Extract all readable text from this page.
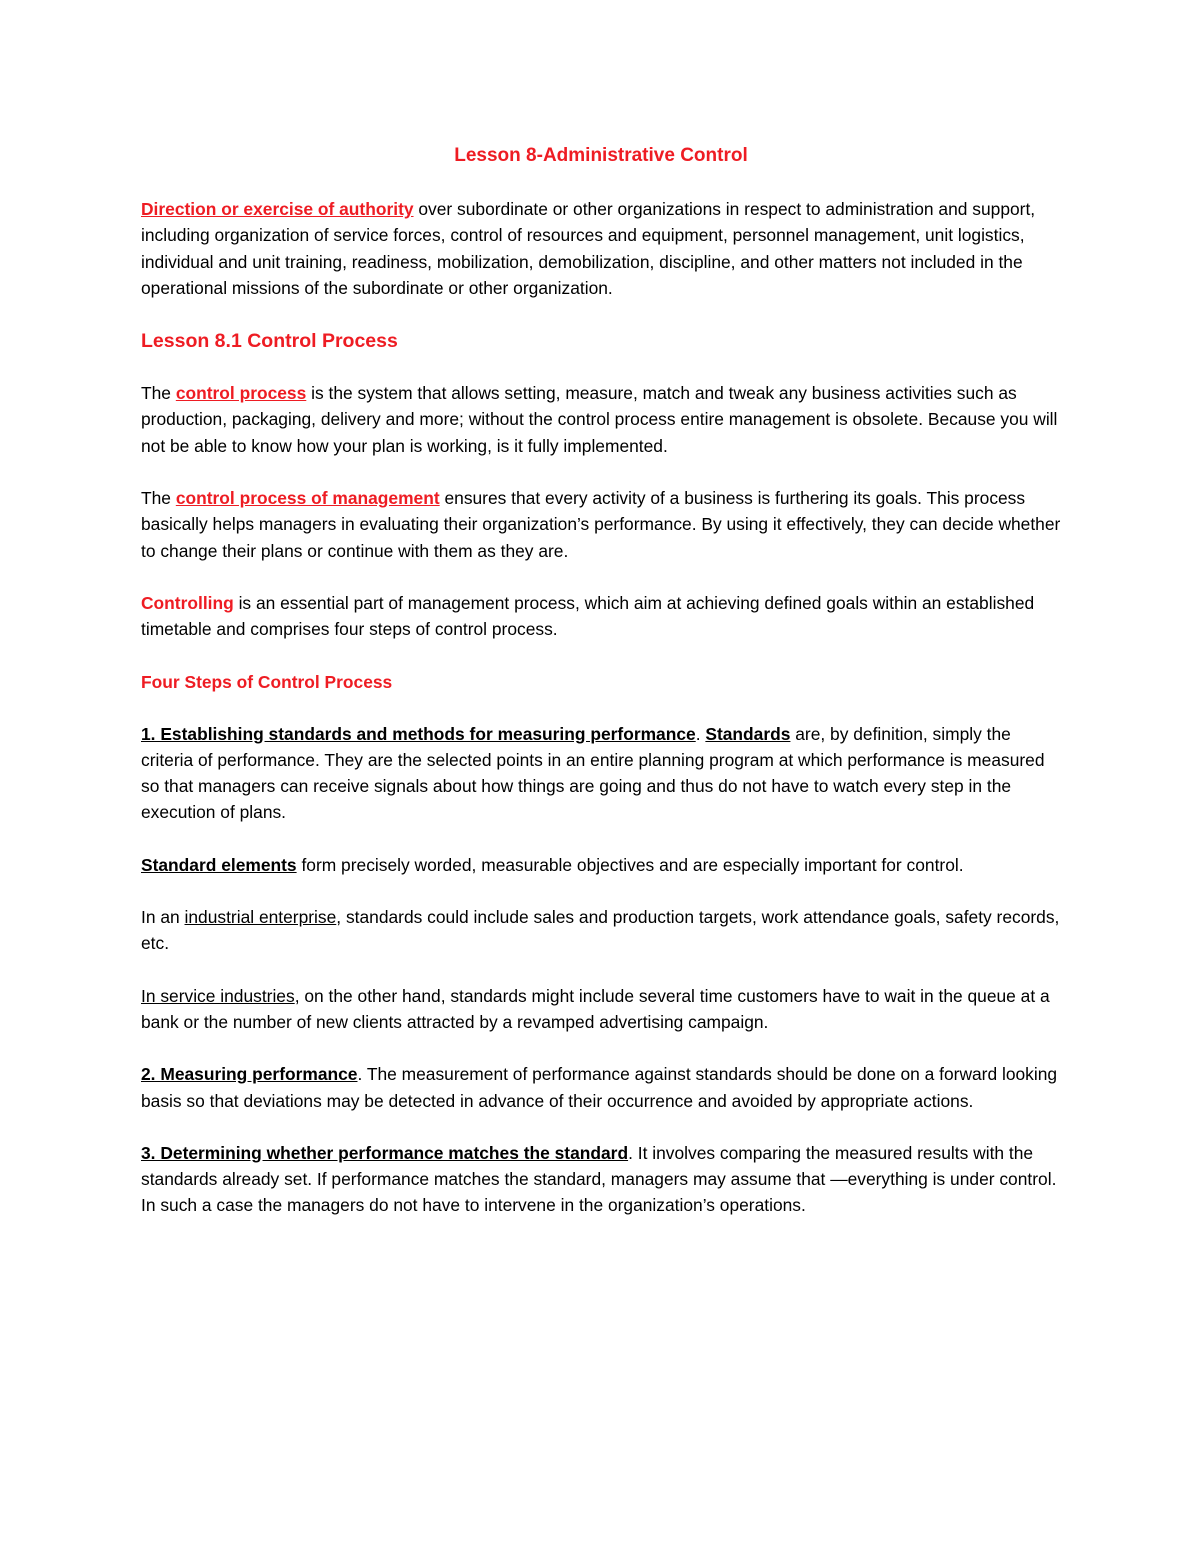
Lesson 8-Administrative Control

Direction or exercise of authority over subordinate or other organizations in respect to administration and support, including organization of service forces, control of resources and equipment, personnel management, unit logistics, individual and unit training, readiness, mobilization, demobilization, discipline, and other matters not included in the operational missions of the subordinate or other organization.

Lesson 8.1 Control Process

The control process is the system that allows setting, measure, match and tweak any business activities such as production, packaging, delivery and more; without the control process entire management is obsolete. Because you will not be able to know how your plan is working, is it fully implemented.

The control process of management ensures that every activity of a business is furthering its goals. This process basically helps managers in evaluating their organization’s performance. By using it effectively, they can decide whether to change their plans or continue with them as they are.

Controlling is an essential part of management process, which aim at achieving defined goals within an established timetable and comprises four steps of control process.

Four Steps of Control Process

1. Establishing standards and methods for measuring performance. Standards are, by definition, simply the criteria of performance. They are the selected points in an entire planning program at which performance is measured so that managers can receive signals about how things are going and thus do not have to watch every step in the execution of plans.

Standard elements form precisely worded, measurable objectives and are especially important for control.

In an industrial enterprise, standards could include sales and production targets, work attendance goals, safety records, etc.

In service industries, on the other hand, standards might include several time customers have to wait in the queue at a bank or the number of new clients attracted by a revamped advertising campaign.

2. Measuring performance. The measurement of performance against standards should be done on a forward looking basis so that deviations may be detected in advance of their occurrence and avoided by appropriate actions.

3. Determining whether performance matches the standard. It involves comparing the measured results with the standards already set. If performance matches the standard, managers may assume that ―everything is under control. In such a case the managers do not have to intervene in the organization’s operations.
